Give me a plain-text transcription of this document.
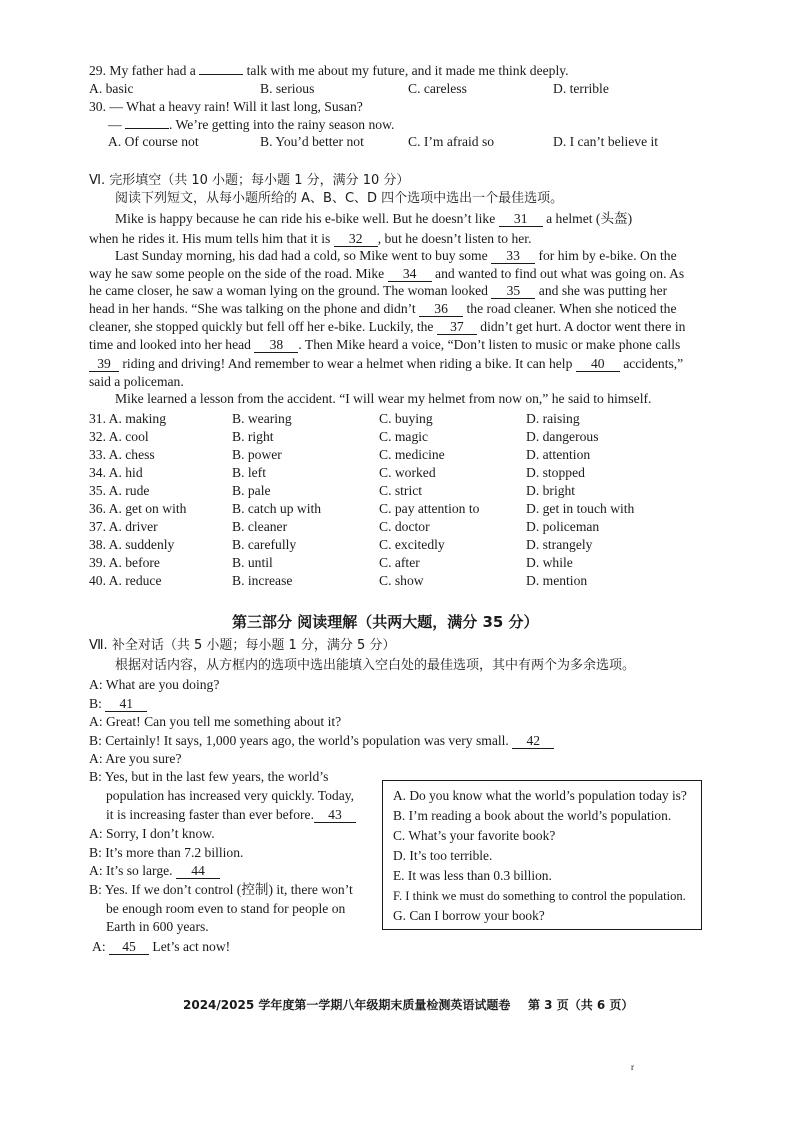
29. My father had a	talk with me about my future, and it made me think deeply.
A. basic	B. serious	C. careless	D. terrible
30. — What a heavy rain! Will it last long, Susan?
—	. We’re getting into the rainy season now.
A. Of course not	B. You’d better not	C. I’m afraid so	D. I can’t believe it
Ⅵ. 完形填空（共 10 小题；每小题 1 分，满分 10 分）
阅读下列短文，从每小题所给的 A、B、C、D 四个选项中选出一个最佳选项。
Mike is happy because he can ride his e-bike well. But he doesn’t like 31 a helmet (头盔)
when he rides it. His mum tells him that it is 32 , but he doesn’t listen to her.
Last Sunday morning, his dad had a cold, so Mike went to buy some 33 for him by e-bike. On the
way he saw some people on the side of the road. Mike 34 and wanted to find out what was going on. As
he came closer, he saw a woman lying on the ground. The woman looked 35 and she was putting her
head in her hands. “She was talking on the phone and didn’t 36 the road cleaner. When she noticed the
cleaner, she stopped quickly but fell off her e-bike. Luckily, the 37 didn’t get hurt. A doctor went there in
time and looked into her head 38 . Then Mike heard a voice, “Don’t listen to music or make phone calls
39 riding and driving! And remember to wear a helmet when riding a bike. It can help 40 accidents,”
said a policeman.
Mike learned a lesson from the accident. “I will wear my helmet from now on,” he said to himself.
31. A. making	B. wearing	C. buying	D. raising
32. A. cool	B. right	C. magic	D. dangerous
33. A. chess	B. power	C. medicine	D. attention
34. A. hid	B. left	C. worked	D. stopped
35. A. rude	B. pale	C. strict	D. bright
36. A. get on with	B. catch up with	C. pay attention to	D. get in touch with
37. A. driver	B. cleaner	C. doctor	D. policeman
38. A. suddenly	B. carefully	C. excitedly	D. strangely
39. A. before	B. until	C. after	D. while
40. A. reduce	B. increase	C. show	D. mention
第三部分 阅读理解（共两大题，满分 35 分）
Ⅶ. 补全对话（共 5 小题；每小题 1 分，满分 5 分）
根据对话内容，从方框内的选项中选出能填入空白处的最佳选项，其中有两个为多余选项。
A: What are you doing?
B: 41
A: Great! Can you tell me something about it?
B: Certainly! It says, 1,000 years ago, the world’s population was very small. 42
A: Are you sure?
B: Yes, but in the last few years, the world’s
population has increased very quickly. Today,
it is increasing faster than ever before. 43
A: Sorry, I don’t know.
B: It’s more than 7.2 billion.
A: It’s so large. 44
B: Yes. If we don’t control (控制) it, there won’t
be enough room even to stand for people on
Earth in 600 years.
A: 45 Let’s act now!
A. Do you know what the world’s population today is?
B. I’m reading a book about the world’s population.
C. What’s your favorite book?
D. It’s too terrible.
E. It was less than 0.3 billion.
F. I think we must do something to control the population.
G. Can I borrow your book?
2024/2025 学年度第一学期八年级期末质量检测英语试题卷 第 3 页（共 6 页）
r
